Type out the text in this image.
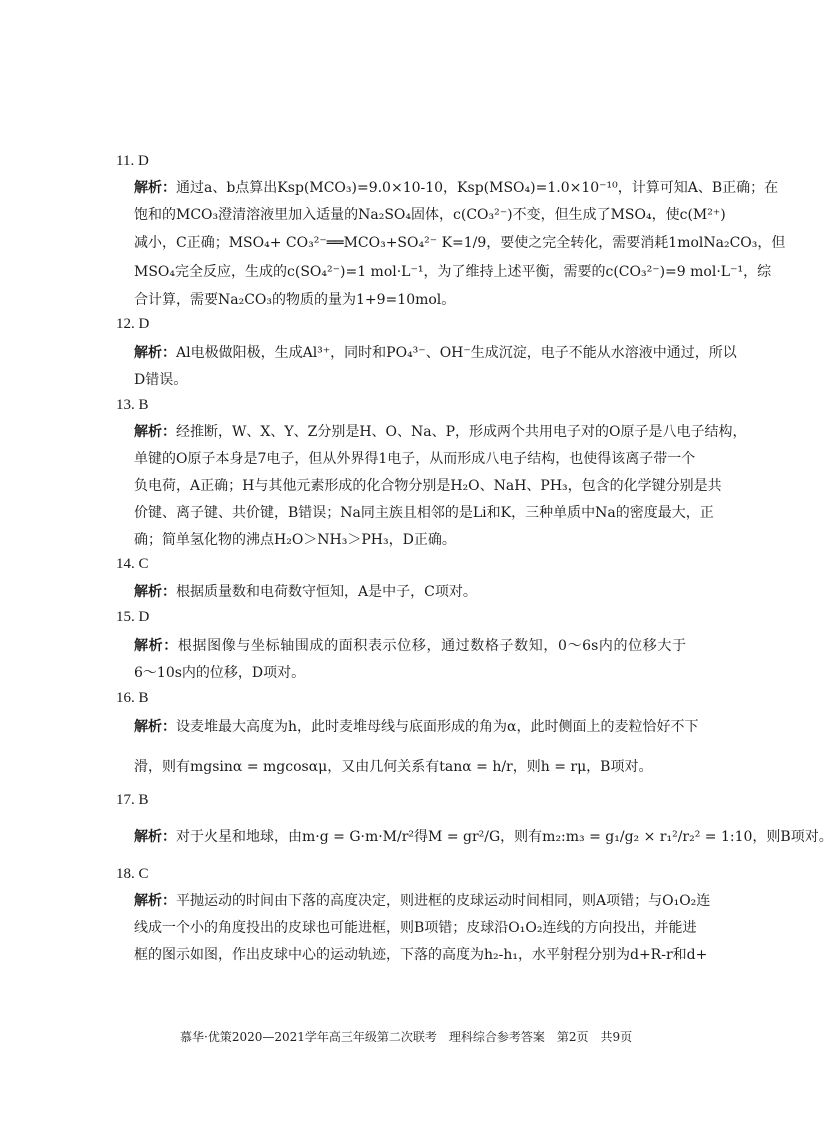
11. D
解析：通过a、b点算出Ksp(MCO₃)=9.0×10-10，Ksp(MSO₄)=1.0×10⁻¹⁰，计算可知A、B正确；在
饱和的MCO₃澄清溶液里加入适量的Na₂SO₄固体，c(CO₃²⁻)不变，但生成了MSO₄，使c(M²⁺)
减小，C正确；MSO₄+ CO₃²⁻══MCO₃+SO₄²⁻ K=1/9，要使之完全转化，需要消耗1molNa₂CO₃，但
MSO₄完全反应，生成的c(SO₄²⁻)=1 mol·L⁻¹，为了维持上述平衡，需要的c(CO₃²⁻)=9 mol·L⁻¹，综
合计算，需要Na₂CO₃的物质的量为1+9=10mol。
12. D
解析：Al电极做阳极，生成Al³⁺，同时和PO₄³⁻、OH⁻生成沉淀，电子不能从水溶液中通过，所以
D错误。
13. B
解析：经推断，W、X、Y、Z分别是H、O、Na、P，形成两个共用电子对的O原子是八电子结构，
单键的O原子本身是7电子，但从外界得1电子，从而形成八电子结构，也使得该离子带一个
负电荷，A正确；H与其他元素形成的化合物分别是H₂O、NaH、PH₃，包含的化学键分别是共
价键、离子键、共价键，B错误；Na同主族且相邻的是Li和K，三种单质中Na的密度最大，正
确；简单氢化物的沸点H₂O＞NH₃＞PH₃，D正确。
14. C
解析：根据质量数和电荷数守恒知，A是中子，C项对。
15. D
解析：根据图像与坐标轴围成的面积表示位移，通过数格子数知，0～6s内的位移大于
6～10s内的位移，D项对。
16. B
解析：设麦堆最大高度为h，此时麦堆母线与底面形成的角为α，此时侧面上的麦粒恰好不下
滑，则有mgsinα = mgcosαμ，又由几何关系有tanα = h/r，则h = rμ，B项对。
17. B
解析：对于火星和地球，由m·g = G·m·M/r²得M = gr²/G，则有m₂:m₃ = g₁/g₂ × r₁²/r₂² = 1:10，则B项对。
18. C
解析：平抛运动的时间由下落的高度决定，则进框的皮球运动时间相同，则A项错；与O₁O₂连
线成一个小的角度投出的皮球也可能进框，则B项错；皮球沿O₁O₂连线的方向投出，并能进
框的图示如图，作出皮球中心的运动轨迹，下落的高度为h₂-h₁，水平射程分别为d+R-r和d+
慕华·优策2020—2021学年高三年级第二次联考　理科综合参考答案　第2页　共9页
